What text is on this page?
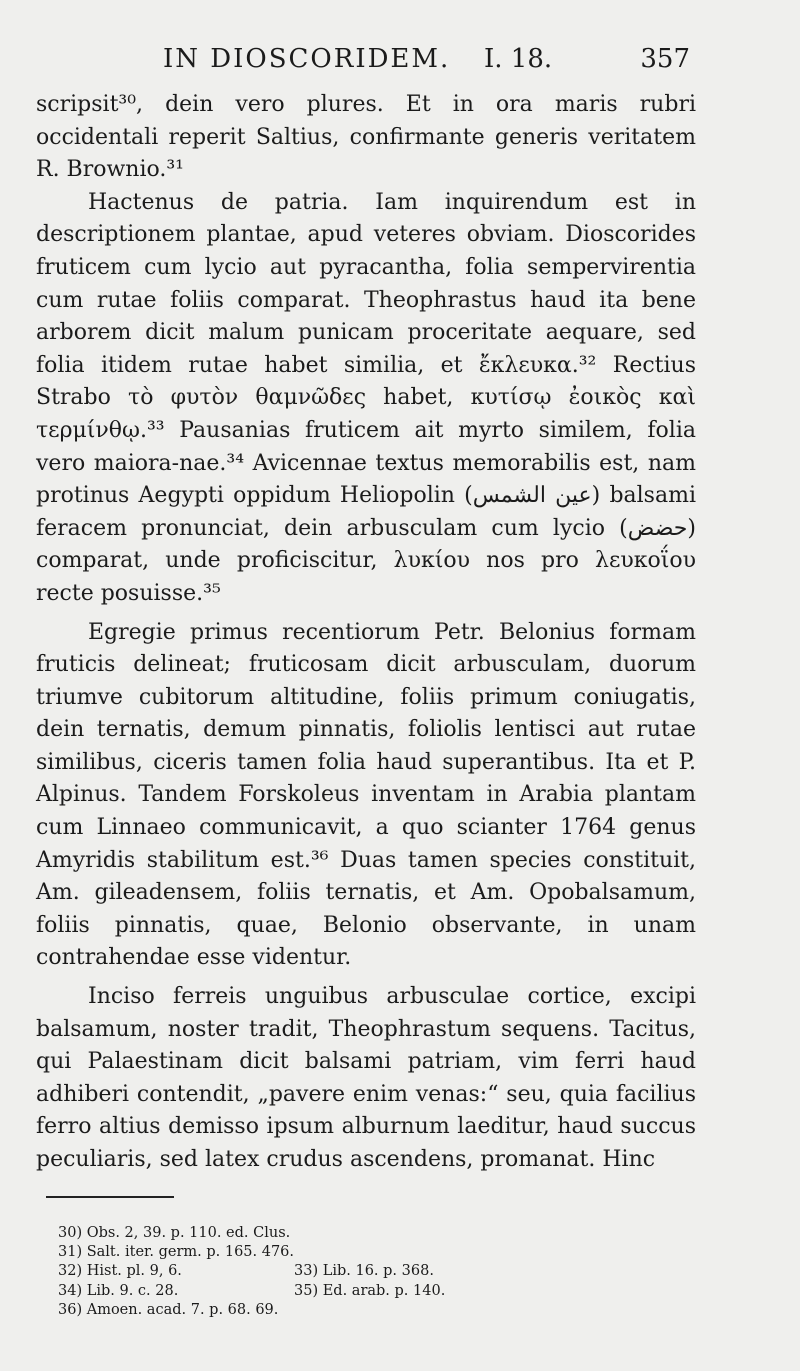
IN DIOSCORIDEM. I. 18.	357

scripsit³⁰, dein vero plures. Et in ora maris rubri occidentali reperit Saltius, confirmante generis veritatem R. Brownio.³¹

Hactenus de patria. Iam inquirendum est in descriptionem plantae, apud veteres obviam. Dioscorides fruticem cum lycio aut pyracantha, folia sempervirentia cum rutae foliis comparat. Theophrastus haud ita bene arborem dicit malum punicam proceritate aequare, sed folia itidem rutae habet similia, et ἔκλευκα.³² Rectius Strabo τὸ φυτὸν θαμνῶδες habet, κυτίσῳ ἐοικὸς καὶ τερμίνθῳ.³³ Pausanias fruticem ait myrto similem, folia vero maiora-nae.³⁴ Avicennae textus memorabilis est, nam protinus Aegypti oppidum Heliopolin (عين الشمس) balsami feracem pronunciat, dein arbusculam cum lycio (حضض) comparat, unde proficiscitur, λυκίου nos pro λευκοΐου recte posuisse.³⁵

Egregie primus recentiorum Petr. Belonius formam fruticis delineat; fruticosam dicit arbusculam, duorum triumve cubitorum altitudine, foliis primum coniugatis, dein ternatis, demum pinnatis, foliolis lentisci aut rutae similibus, ciceris tamen folia haud superantibus. Ita et P. Alpinus. Tandem Forskoleus inventam in Arabia plantam cum Linnaeo communicavit, a quo scianter 1764 genus Amyridis stabilitum est.³⁶ Duas tamen species constituit, Am. gileadensem, foliis ternatis, et Am. Opobalsamum, foliis pinnatis, quae, Belonio observante, in unam contrahendae esse videntur.

Inciso ferreis unguibus arbusculae cortice, excipi balsamum, noster tradit, Theophrastum sequens. Tacitus, qui Palaestinam dicit balsami patriam, vim ferri haud adhiberi contendit, „pavere enim venas:“ seu, quia facilius ferro altius demisso ipsum alburnum laeditur, haud succus peculiaris, sed latex crudus ascendens, promanat. Hinc

30) Obs. 2, 39. p. 110. ed. Clus.
31) Salt. iter. germ. p. 165. 476.
32) Hist. pl. 9, 6.	33) Lib. 16. p. 368.
34) Lib. 9. c. 28.	35) Ed. arab. p. 140.
36) Amoen. acad. 7. p. 68. 69.
